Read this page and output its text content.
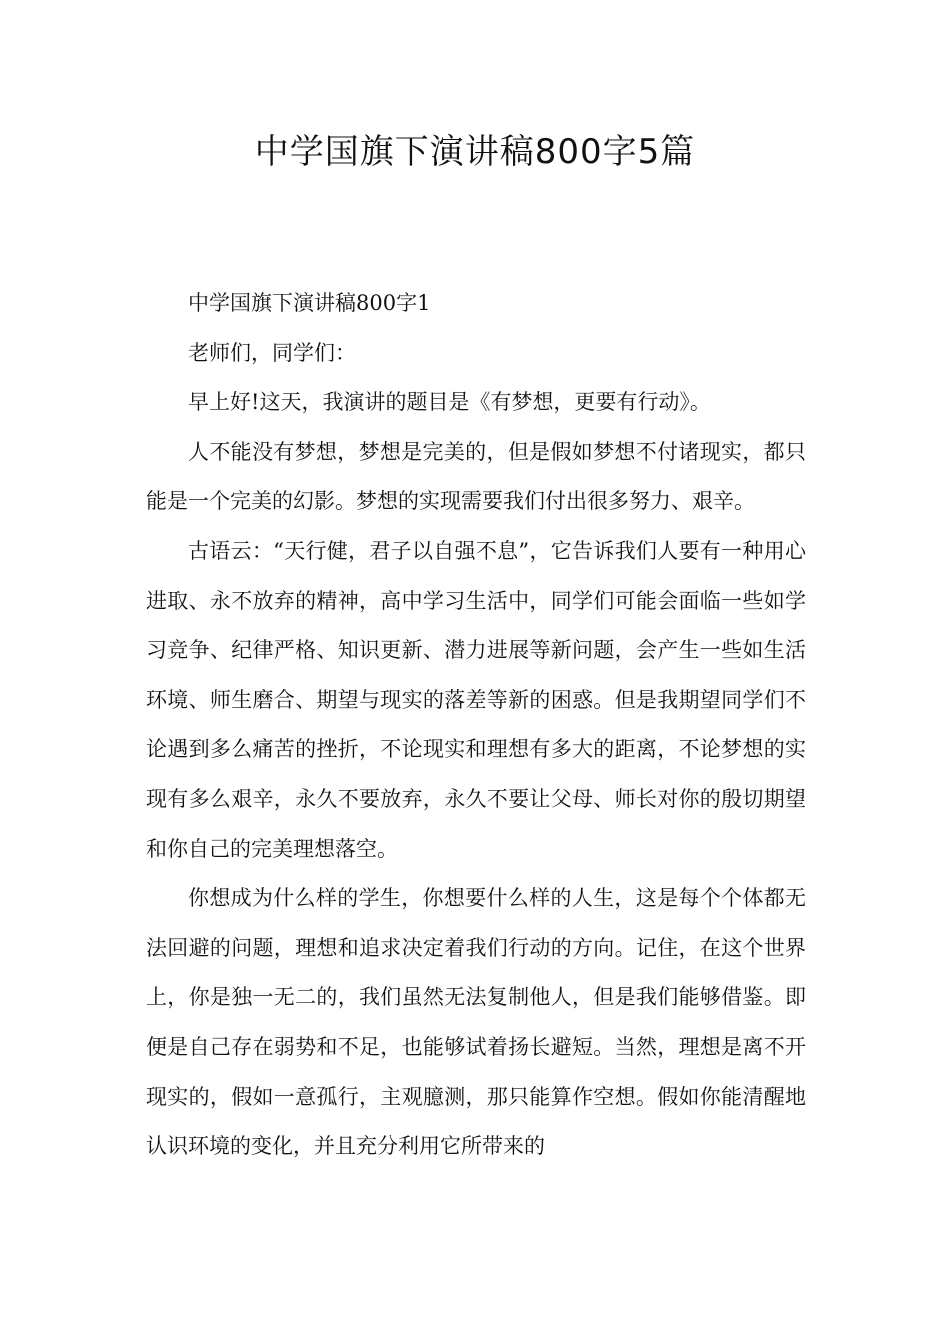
中学国旗下演讲稿800字5篇

中学国旗下演讲稿800字1

老师们，同学们：

早上好!这天，我演讲的题目是《有梦想，更要有行动》。

人不能没有梦想，梦想是完美的，但是假如梦想不付诸现实，都只能是一个完美的幻影。梦想的实现需要我们付出很多努力、艰辛。

古语云：“天行健，君子以自强不息”，它告诉我们人要有一种用心进取、永不放弃的精神，高中学习生活中，同学们可能会面临一些如学习竞争、纪律严格、知识更新、潜力进展等新问题，会产生一些如生活环境、师生磨合、期望与现实的落差等新的困惑。但是我期望同学们不论遇到多么痛苦的挫折，不论现实和理想有多大的距离，不论梦想的实现有多么艰辛，永久不要放弃，永久不要让父母、师长对你的殷切期望和你自己的完美理想落空。

你想成为什么样的学生，你想要什么样的人生，这是每个个体都无法回避的问题，理想和追求决定着我们行动的方向。记住，在这个世界上，你是独一无二的，我们虽然无法复制他人，但是我们能够借鉴。即便是自己存在弱势和不足，也能够试着扬长避短。当然，理想是离不开现实的，假如一意孤行，主观臆测，那只能算作空想。假如你能清醒地认识环境的变化，并且充分利用它所带来的
